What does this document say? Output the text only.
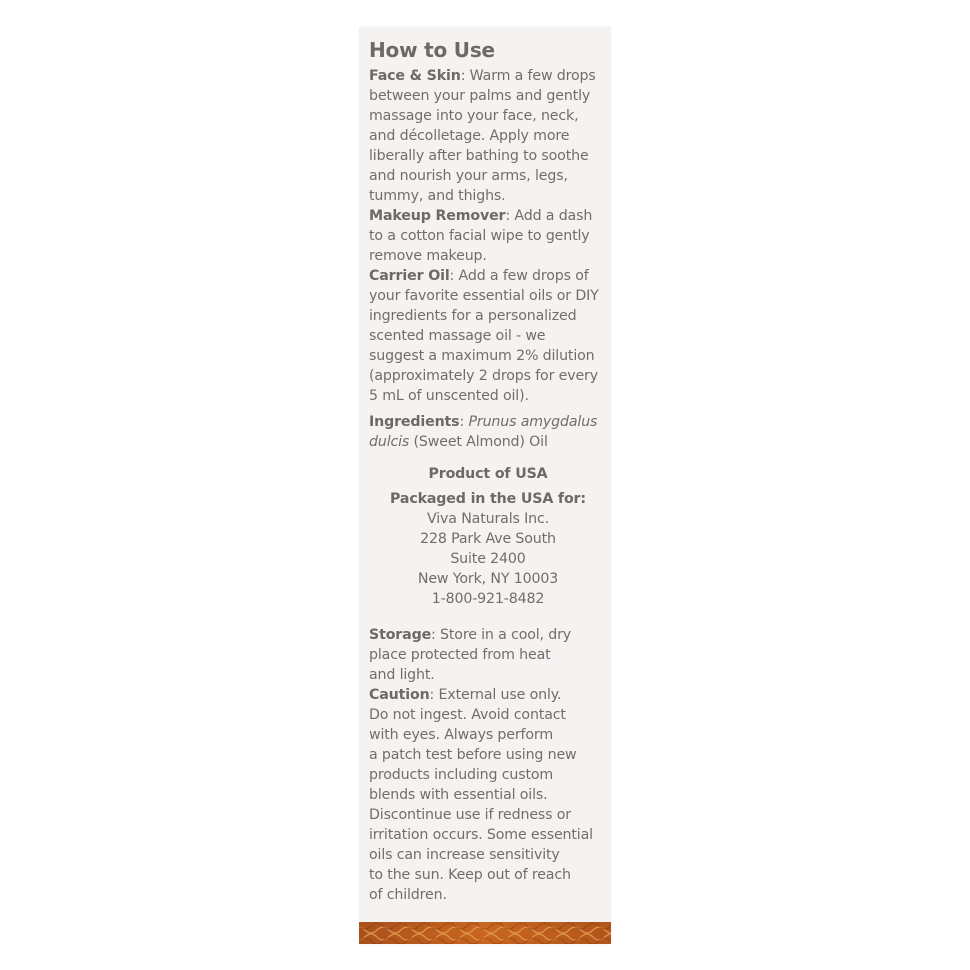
How to Use

Face & Skin: Warm a few drops
between your palms and gently
massage into your face, neck,
and décolletage. Apply more
liberally after bathing to soothe
and nourish your arms, legs,
tummy, and thighs.

Makeup Remover: Add a dash
to a cotton facial wipe to gently
remove makeup.

Carrier Oil: Add a few drops of
your favorite essential oils or DIY
ingredients for a personalized
scented massage oil - we
suggest a maximum 2% dilution
(approximately 2 drops for every
5 mL of unscented oil).

Ingredients: Prunus amygdalus
dulcis (Sweet Almond) Oil

Product of USA

Packaged in the USA for:

Viva Naturals Inc.

228 Park Ave South

Suite 2400

New York, NY 10003

1-800-921-8482

Storage: Store in a cool, dry
place protected from heat
and light.

Caution: External use only.
Do not ingest. Avoid contact
with eyes. Always perform
a patch test before using new
products including custom
blends with essential oils.
Discontinue use if redness or
irritation occurs. Some essential
oils can increase sensitivity
to the sun. Keep out of reach
of children.
